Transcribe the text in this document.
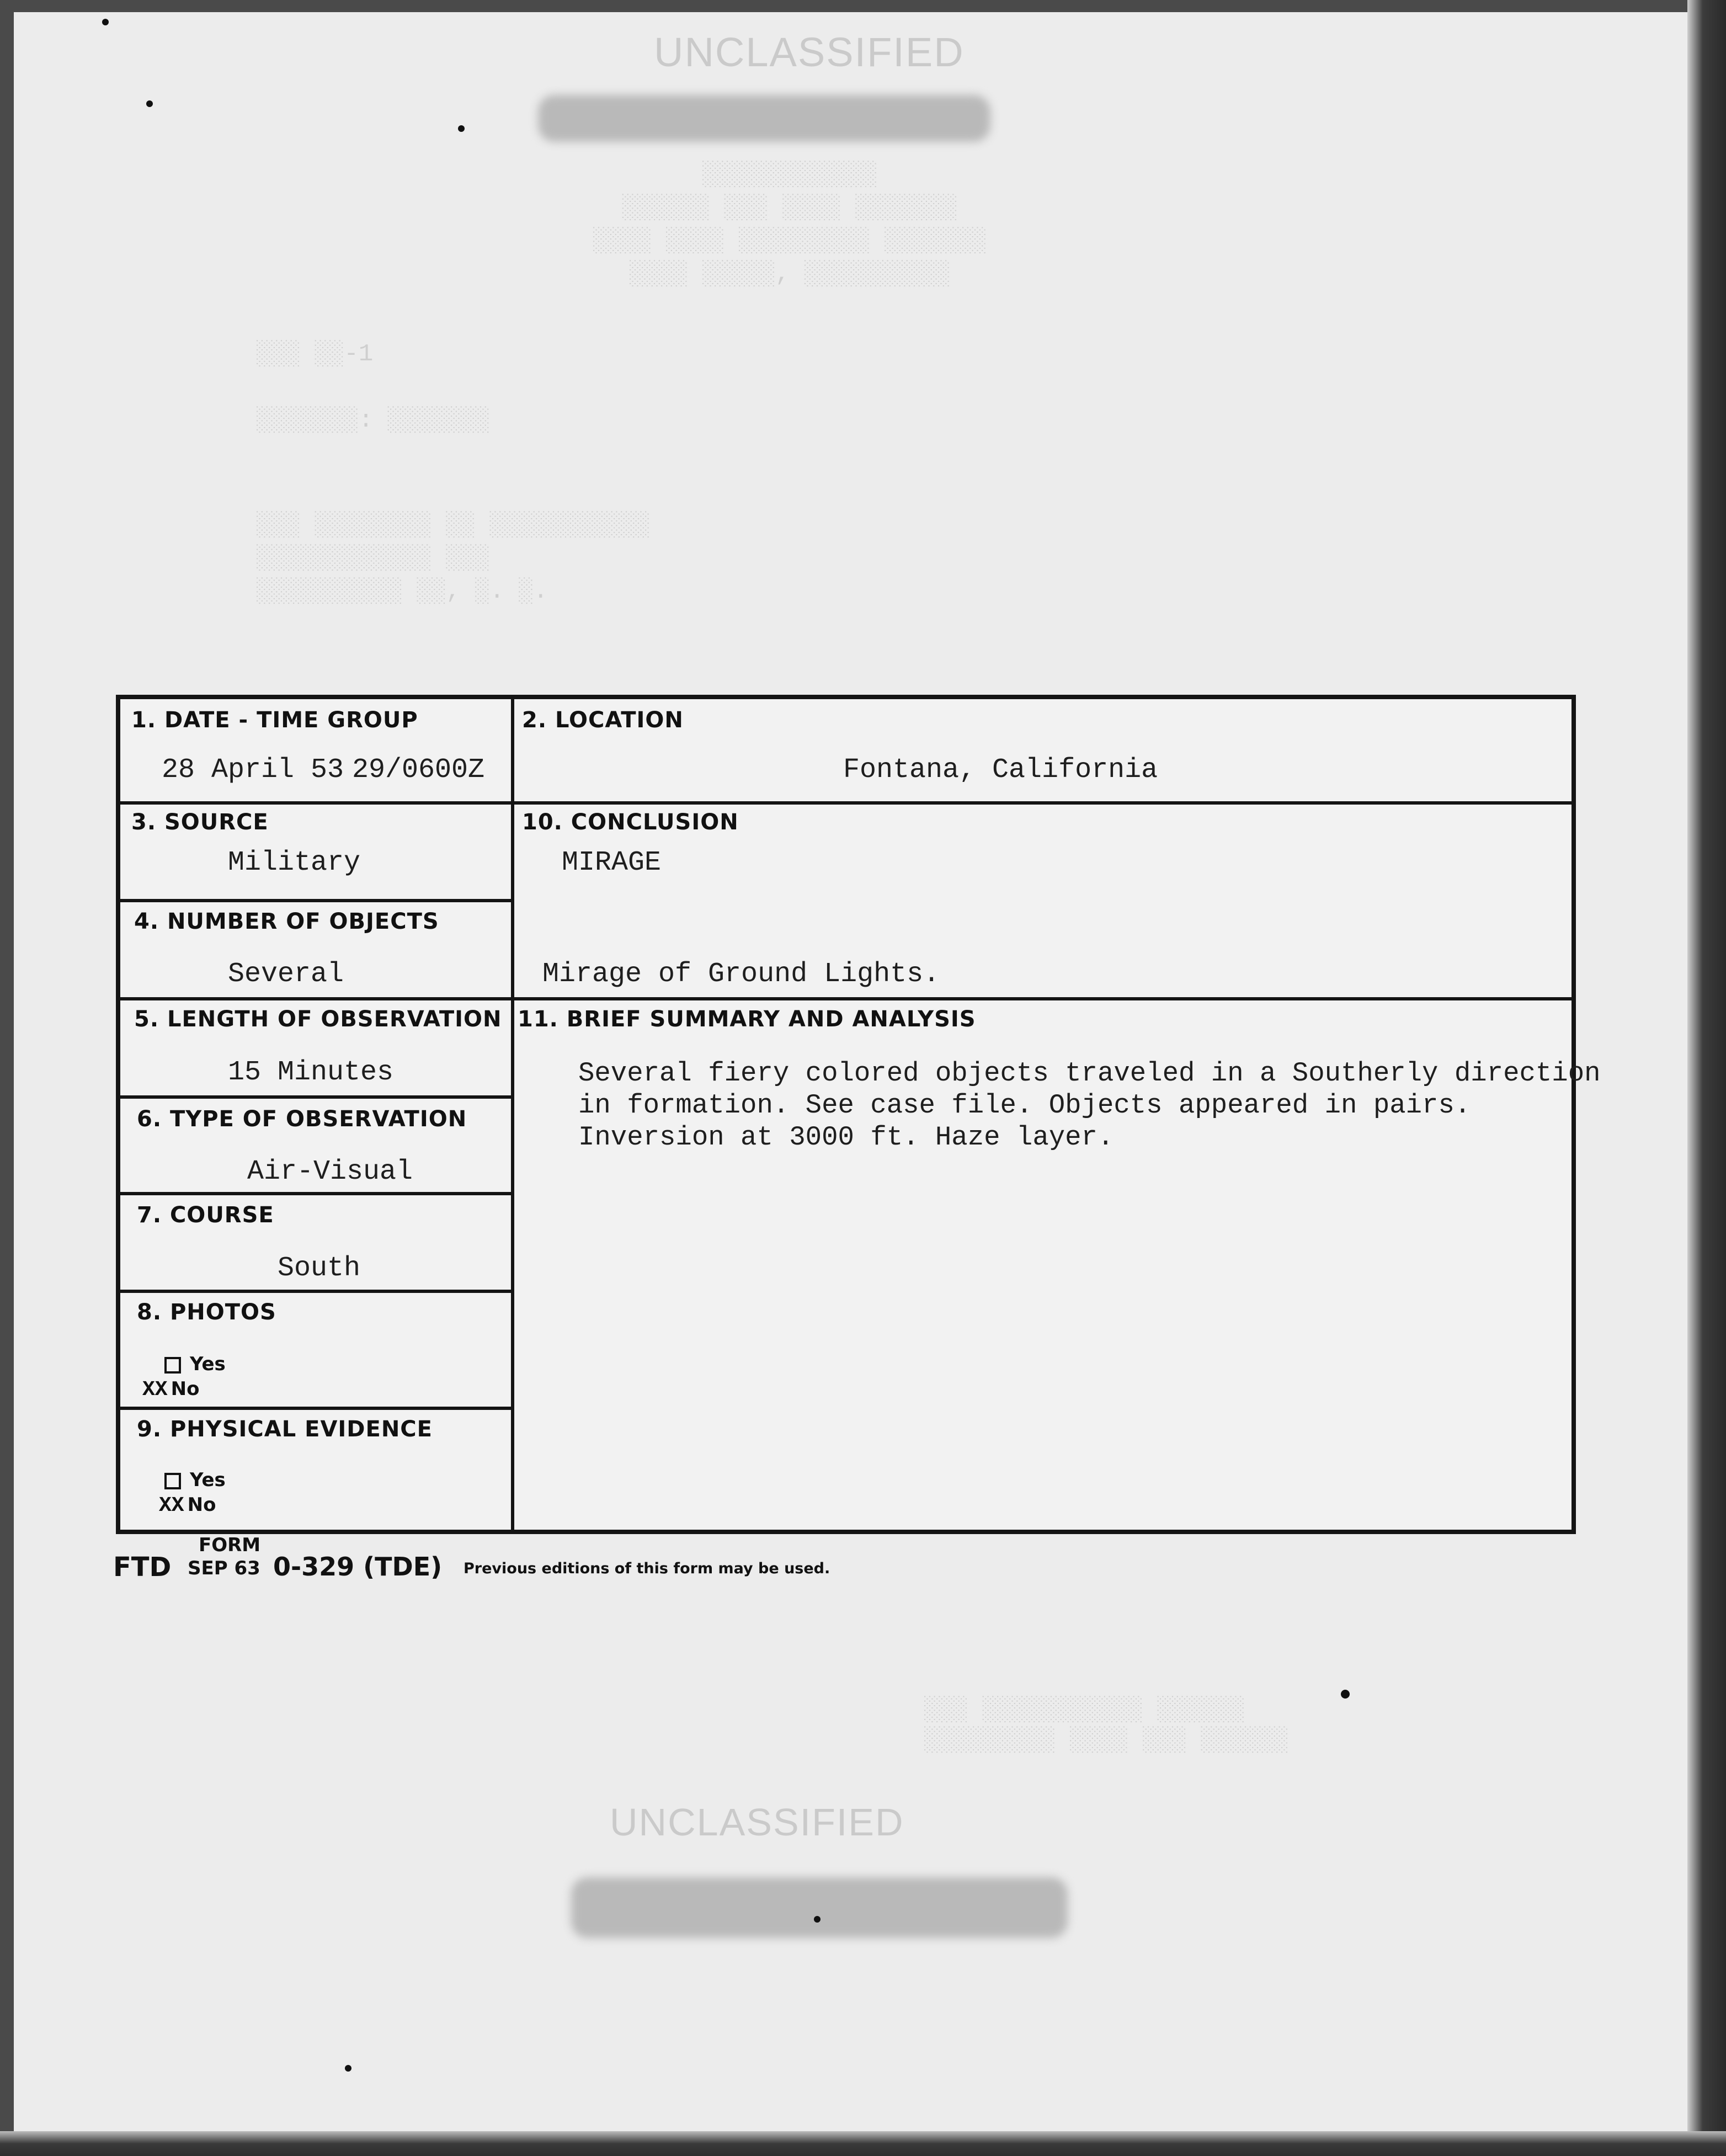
UNCLASSIFIED
░░░░░░░░░░░░
░░░░░░ ░░░ ░░░░ ░░░░░░░
░░░░ ░░░░ ░░░░░░░░░ ░░░░░░░
░░░░ ░░░░░, ░░░░░░░░░░
░░░ ░░-1
░░░░░░░: ░░░░░░░
░░░ ░░░░░░░░ ░░ ░░░░░░░░░░░
░░░░░░░░░░░░ ░░░
░░░░░░░░░░ ░░, ░. ░.
░░░ ░░░░░░░░░░░ ░░░░░░
░░░░░░░░░ ░░░░ ░░░ ░░░░░░
UNCLASSIFIED
1. DATE - TIME GROUP
28 April 53 29/0600Z
2. LOCATION
Fontana, California
3. SOURCE
Military
10. CONCLUSION
MIRAGE
Mirage of Ground Lights.
4. NUMBER OF OBJECTS
Several
5. LENGTH OF OBSERVATION
15 Minutes
11. BRIEF SUMMARY AND ANALYSIS
Several fiery colored objects traveled in a Southerly direction
in formation. See case file. Objects appeared in pairs.
Inversion at 3000 ft. Haze layer.
6. TYPE OF OBSERVATION
Air-Visual
7. COURSE
South
8. PHOTOS
Yes
XX No
9. PHYSICAL EVIDENCE
Yes
XX No
FORM
FTD SEP 63 0-329 (TDE) Previous editions of this form may be used.
